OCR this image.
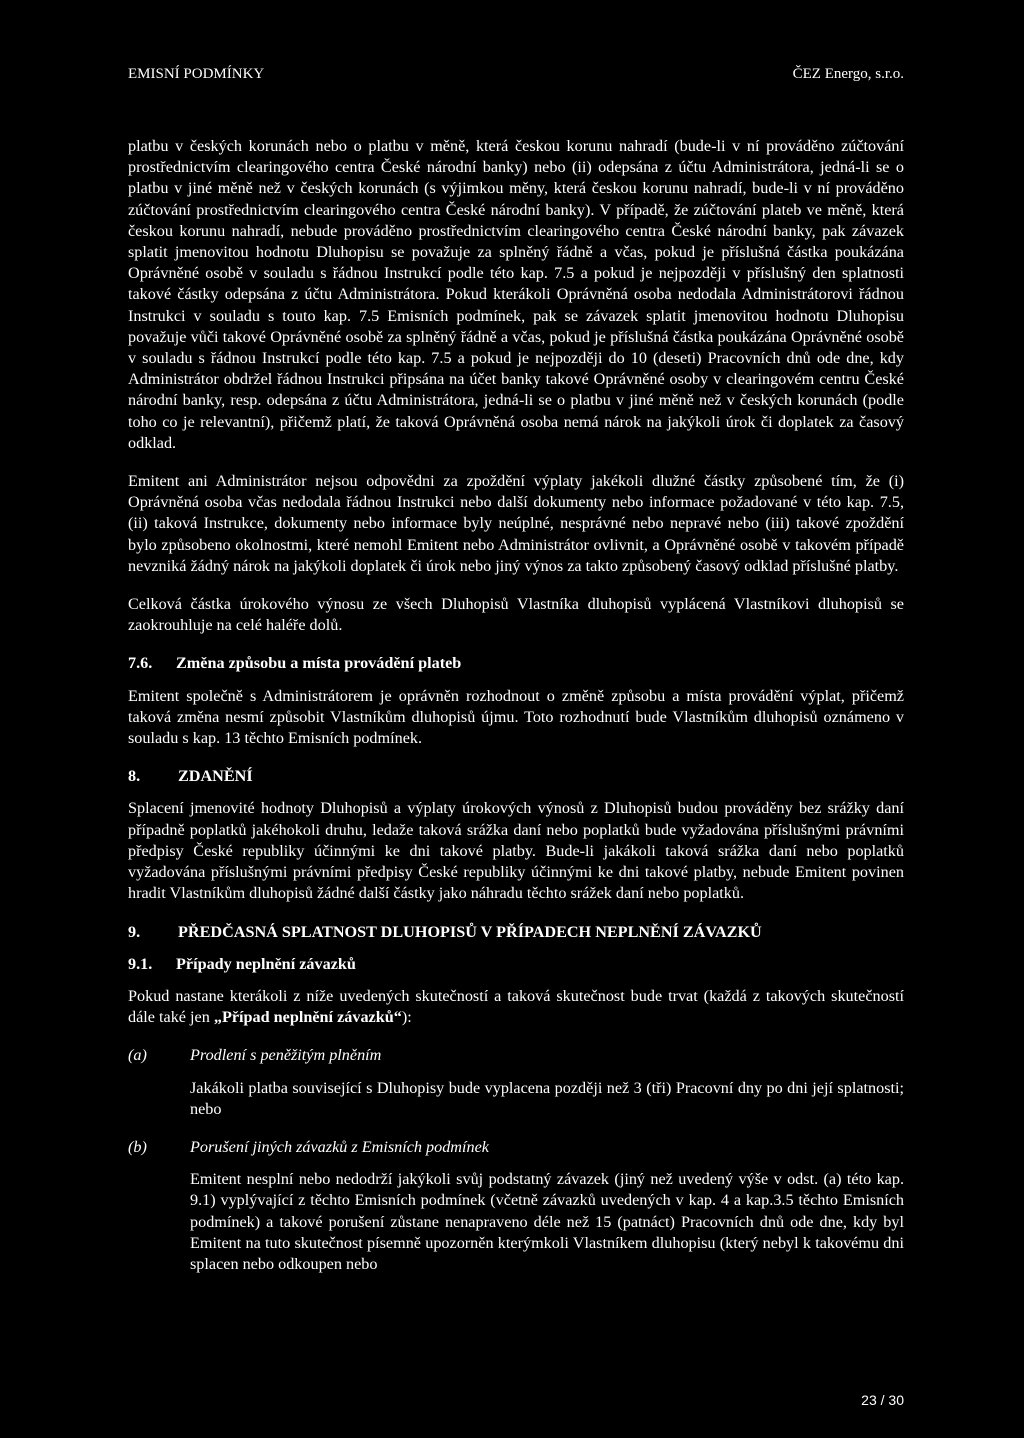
EMISNÍ PODMÍNKY	ČEZ Energo, s.r.o.

platbu v českých korunách nebo o platbu v měně, která českou korunu nahradí (bude-li v ní prováděno zúčtování prostřednictvím clearingového centra České národní banky) nebo (ii) odepsána z účtu Administrátora, jedná-li se o platbu v jiné měně než v českých korunách (s výjimkou měny, která českou korunu nahradí, bude-li v ní prováděno zúčtování prostřednictvím clearingového centra České národní banky). V případě, že zúčtování plateb ve měně, která českou korunu nahradí, nebude prováděno prostřednictvím clearingového centra České národní banky, pak závazek splatit jmenovitou hodnotu Dluhopisu se považuje za splněný řádně a včas, pokud je příslušná částka poukázána Oprávněné osobě v souladu s řádnou Instrukcí podle této kap. 7.5 a pokud je nejpozději v příslušný den splatnosti takové částky odepsána z účtu Administrátora. Pokud kterákoli Oprávněná osoba nedodala Administrátorovi řádnou Instrukci v souladu s touto kap. 7.5 Emisních podmínek, pak se závazek splatit jmenovitou hodnotu Dluhopisu považuje vůči takové Oprávněné osobě za splněný řádně a včas, pokud je příslušná částka poukázána Oprávněné osobě v souladu s řádnou Instrukcí podle této kap. 7.5 a pokud je nejpozději do 10 (deseti) Pracovních dnů ode dne, kdy Administrátor obdržel řádnou Instrukci připsána na účet banky takové Oprávněné osoby v clearingovém centru České národní banky, resp. odepsána z účtu Administrátora, jedná-li se o platbu v jiné měně než v českých korunách (podle toho co je relevantní), přičemž platí, že taková Oprávněná osoba nemá nárok na jakýkoli úrok či doplatek za časový odklad.

Emitent ani Administrátor nejsou odpovědni za zpoždění výplaty jakékoli dlužné částky způsobené tím, že (i) Oprávněná osoba včas nedodala řádnou Instrukci nebo další dokumenty nebo informace požadované v této kap. 7.5, (ii) taková Instrukce, dokumenty nebo informace byly neúplné, nesprávné nebo nepravé nebo (iii) takové zpoždění bylo způsobeno okolnostmi, které nemohl Emitent nebo Administrátor ovlivnit, a Oprávněné osobě v takovém případě nevzniká žádný nárok na jakýkoli doplatek či úrok nebo jiný výnos za takto způsobený časový odklad příslušné platby.

Celková částka úrokového výnosu ze všech Dluhopisů Vlastníka dluhopisů vyplácená Vlastníkovi dluhopisů se zaokrouhluje na celé haléře dolů.

7.6.	Změna způsobu a místa provádění plateb

Emitent společně s Administrátorem je oprávněn rozhodnout o změně způsobu a místa provádění výplat, přičemž taková změna nesmí způsobit Vlastníkům dluhopisů újmu. Toto rozhodnutí bude Vlastníkům dluhopisů oznámeno v souladu s kap. 13 těchto Emisních podmínek.

8.	ZDANĚNÍ

Splacení jmenovité hodnoty Dluhopisů a výplaty úrokových výnosů z Dluhopisů budou prováděny bez srážky daní případně poplatků jakéhokoli druhu, ledaže taková srážka daní nebo poplatků bude vyžadována příslušnými právními předpisy České republiky účinnými ke dni takové platby. Bude-li jakákoli taková srážka daní nebo poplatků vyžadována příslušnými právními předpisy České republiky účinnými ke dni takové platby, nebude Emitent povinen hradit Vlastníkům dluhopisů žádné další částky jako náhradu těchto srážek daní nebo poplatků.

9.	PŘEDČASNÁ SPLATNOST DLUHOPISŮ V PŘÍPADECH NEPLNĚNÍ ZÁVAZKŮ
9.1.	Případy neplnění závazků

Pokud nastane kterákoli z níže uvedených skutečností a taková skutečnost bude trvat (každá z takových skutečností dále také jen „Případ neplnění závazků“):

(a)	Prodlení s peněžitým plněním
Jakákoli platba související s Dluhopisy bude vyplacena později než 3 (tři) Pracovní dny po dni její splatnosti; nebo
(b)	Porušení jiných závazků z Emisních podmínek
Emitent nesplní nebo nedodrží jakýkoli svůj podstatný závazek (jiný než uvedený výše v odst. (a) této kap. 9.1) vyplývající z těchto Emisních podmínek (včetně závazků uvedených v kap. 4 a kap.3.5 těchto Emisních podmínek) a takové porušení zůstane nenapraveno déle než 15 (patnáct) Pracovních dnů ode dne, kdy byl Emitent na tuto skutečnost písemně upozorněn kterýmkoli Vlastníkem dluhopisu (který nebyl k takovému dni splacen nebo odkoupen nebo
23 / 30
